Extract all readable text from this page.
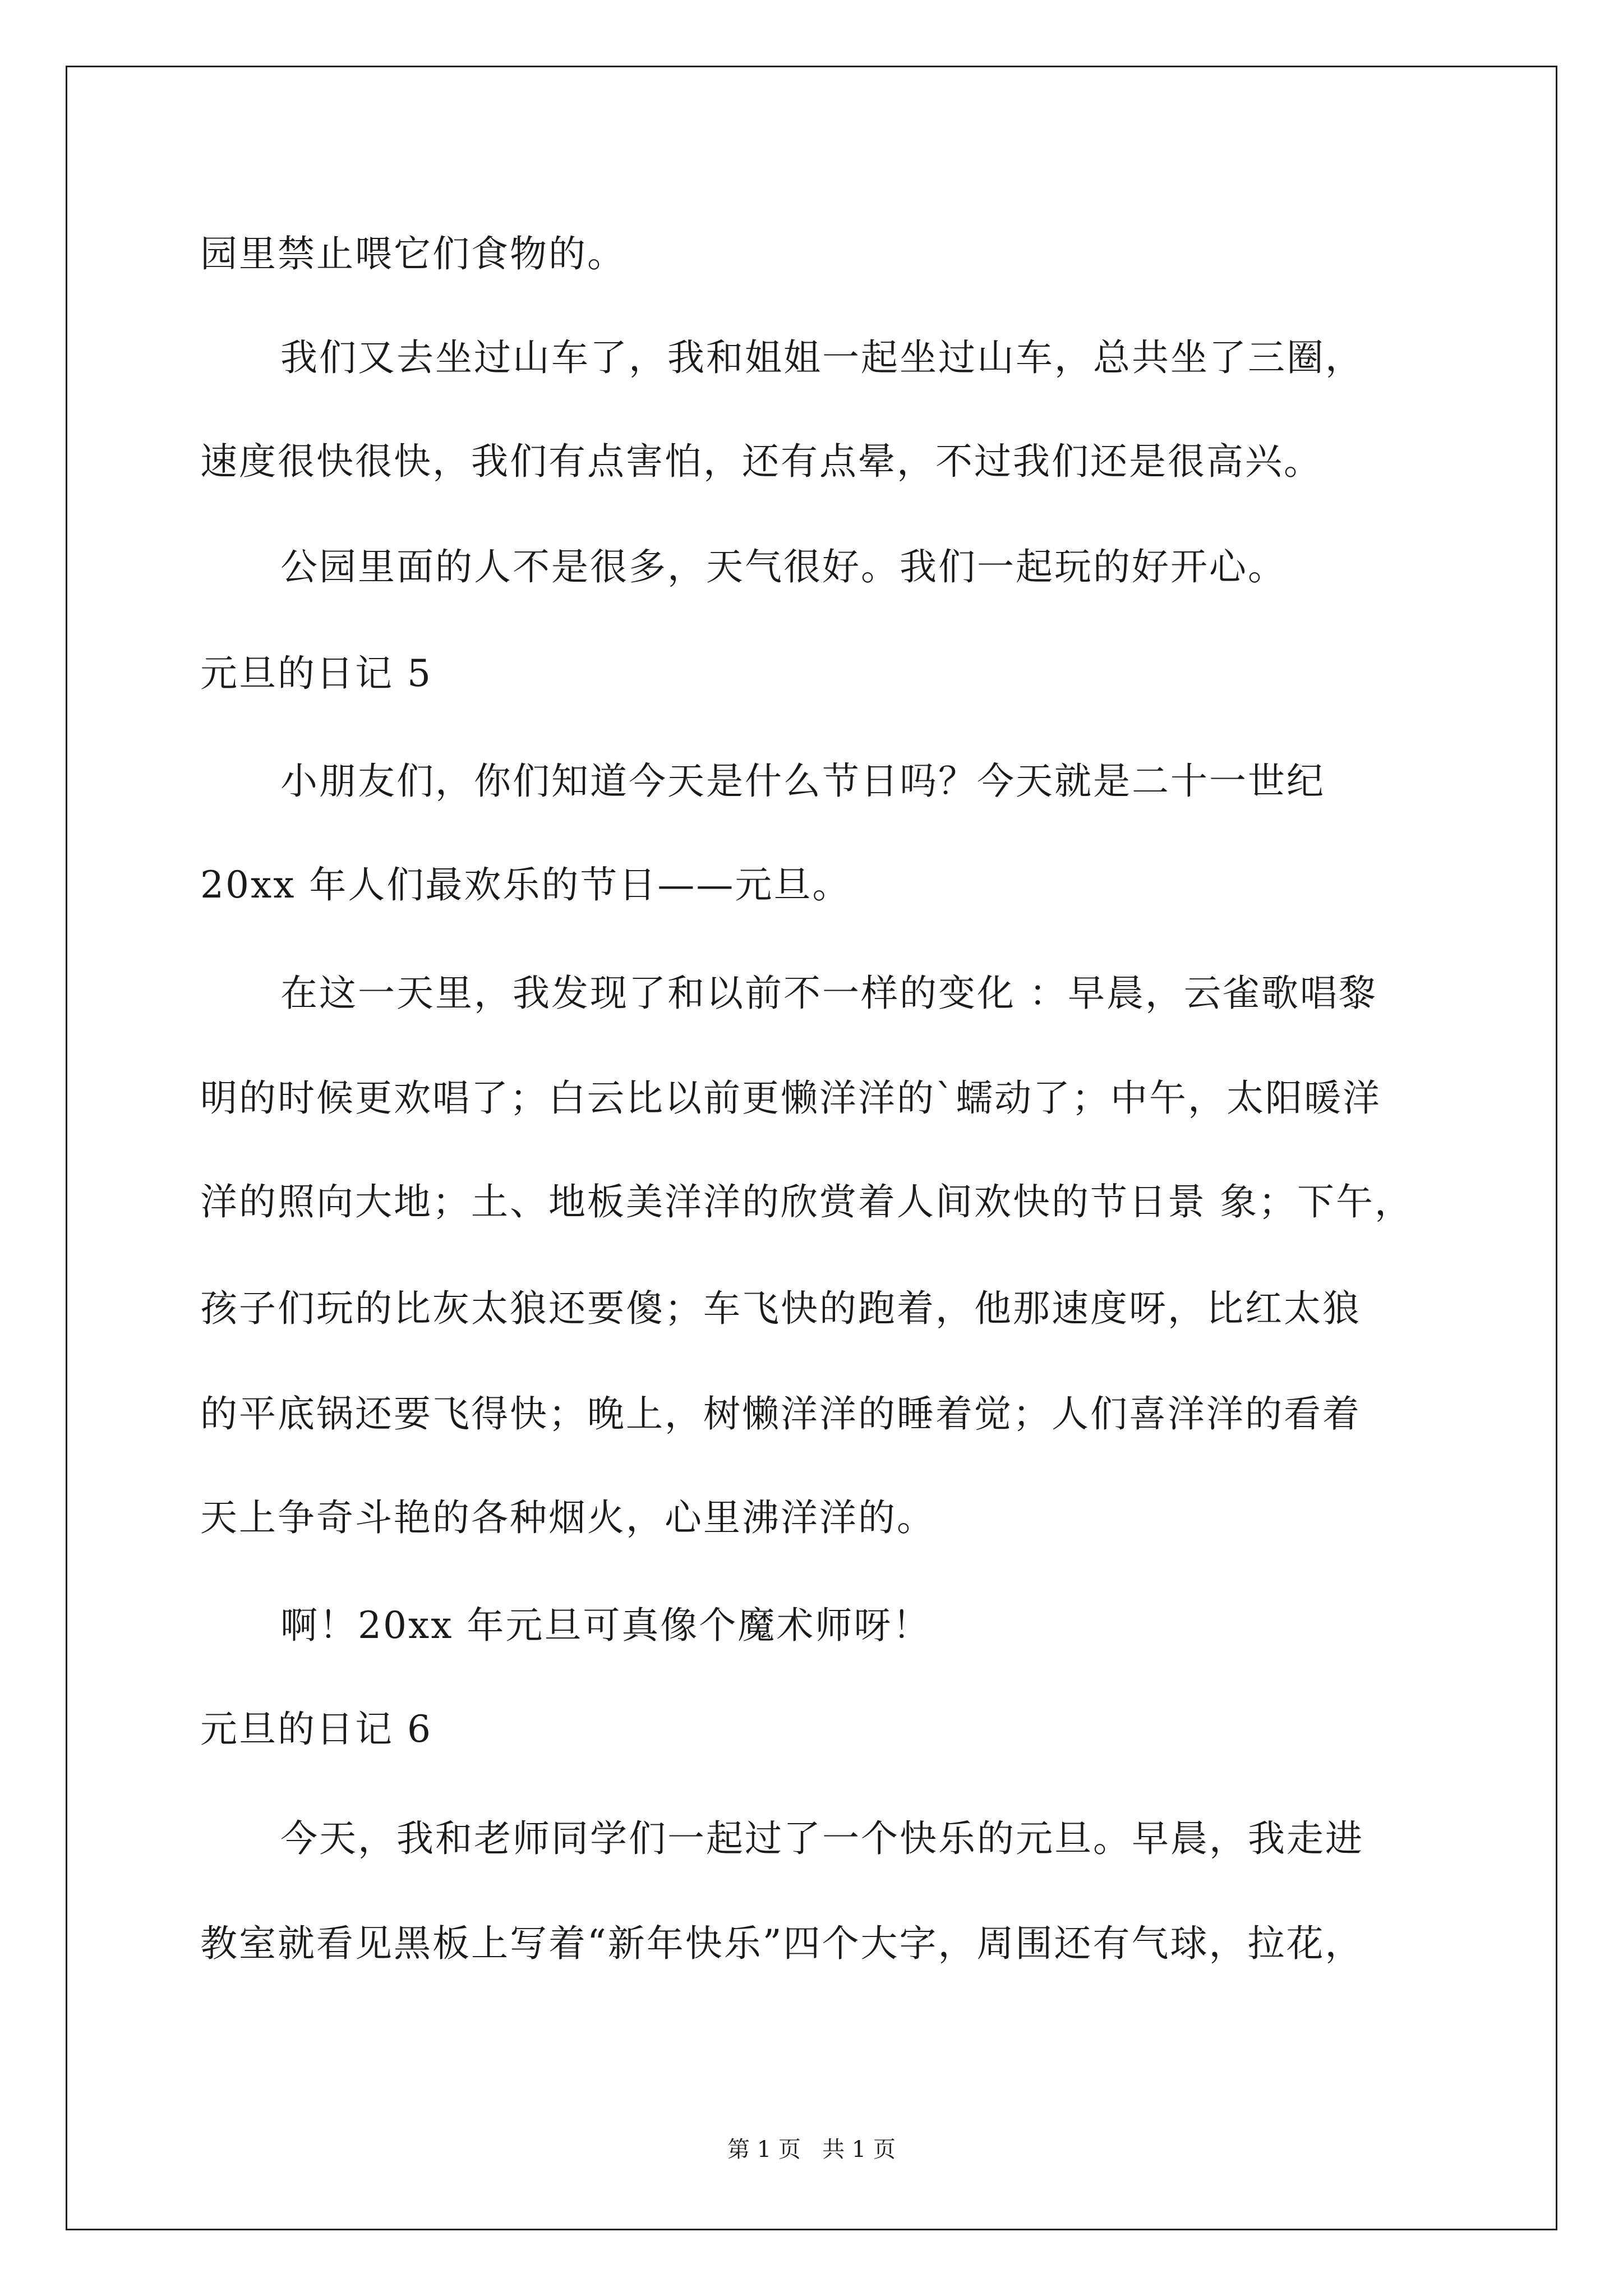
园里禁止喂它们食物的。
我们又去坐过山车了，我和姐姐一起坐过山车，总共坐了三圈，
速度很快很快，我们有点害怕，还有点晕，不过我们还是很高兴。
公园里面的人不是很多，天气很好。我们一起玩的好开心。
元旦的日记 5
小朋友们，你们知道今天是什么节日吗？今天就是二十一世纪
20xx 年人们最欢乐的节日——元旦。
在这一天里，我发现了和以前不一样的变化 ：早晨，云雀歌唱黎
明的时候更欢唱了；白云比以前更懒洋洋的`蠕动了；中午，太阳暖洋
洋的照向大地；土、地板美洋洋的欣赏着人间欢快的节日景 象；下午，
孩子们玩的比灰太狼还要傻；车飞快的跑着，他那速度呀，比红太狼
的平底锅还要飞得快；晚上，树懒洋洋的睡着觉；人们喜洋洋的看着
天上争奇斗艳的各种烟火，心里沸洋洋的。
啊！20xx 年元旦可真像个魔术师呀！
元旦的日记 6
今天，我和老师同学们一起过了一个快乐的元旦。早晨，我走进
教室就看见黑板上写着“新年快乐”四个大字，周围还有气球，拉花，
第 1 页   共 1 页
